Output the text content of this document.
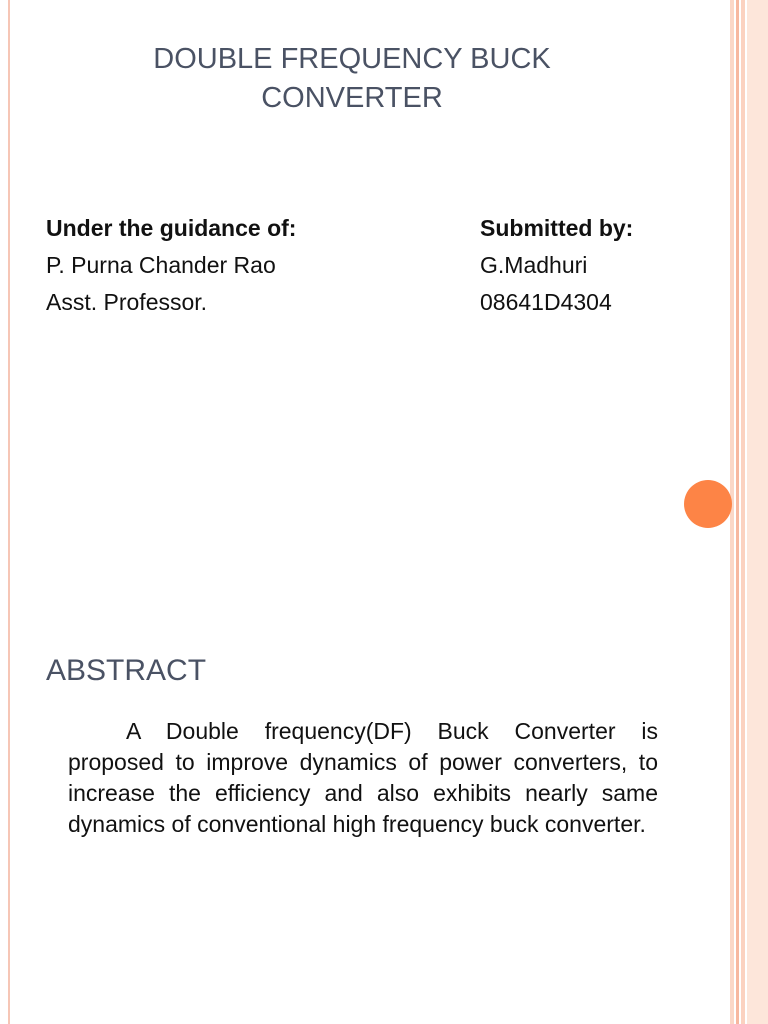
DOUBLE FREQUENCY BUCK CONVERTER
Under the guidance of:
P. Purna Chander Rao
Asst. Professor.
Submitted by:
G.Madhuri
08641D4304
ABSTRACT
A Double frequency(DF) Buck Converter is proposed to improve dynamics of power converters, to increase the efficiency and also exhibits nearly same dynamics of conventional high frequency buck converter.
